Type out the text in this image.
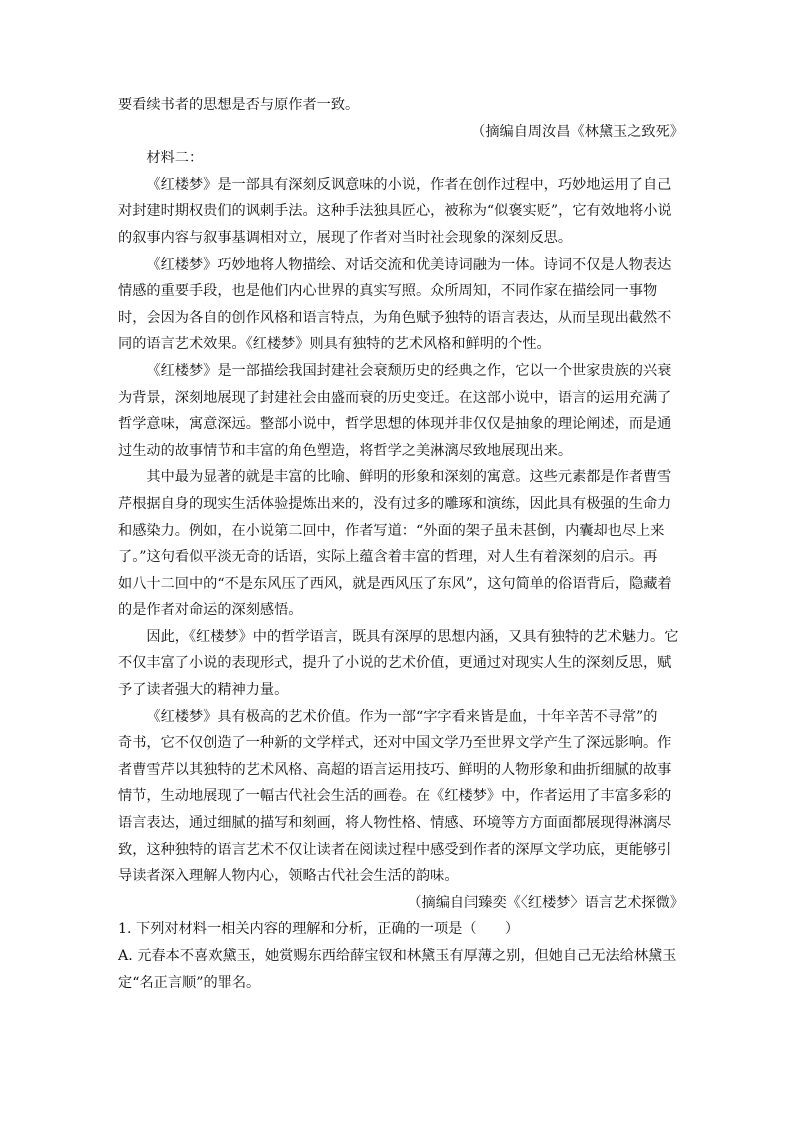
要看续书者的思想是否与原作者一致。

（摘编自周汝昌《林黛玉之致死》

材料二：

《红楼梦》是一部具有深刻反讽意味的小说，作者在创作过程中，巧妙地运用了自己
对封建时期权贵们的讽刺手法。这种手法独具匠心，被称为“似褒实贬”，它有效地将小说
的叙事内容与叙事基调相对立，展现了作者对当时社会现象的深刻反思。

《红楼梦》巧妙地将人物描绘、对话交流和优美诗词融为一体。诗词不仅是人物表达
情感的重要手段，也是他们内心世界的真实写照。众所周知，不同作家在描绘同一事物
时，会因为各自的创作风格和语言特点，为角色赋予独特的语言表达，从而呈现出截然不
同的语言艺术效果。《红楼梦》则具有独特的艺术风格和鲜明的个性。

《红楼梦》是一部描绘我国封建社会衰颓历史的经典之作，它以一个世家贵族的兴衰
为背景，深刻地展现了封建社会由盛而衰的历史变迁。在这部小说中，语言的运用充满了
哲学意味，寓意深远。整部小说中，哲学思想的体现并非仅仅是抽象的理论阐述，而是通
过生动的故事情节和丰富的角色塑造，将哲学之美淋漓尽致地展现出来。

其中最为显著的就是丰富的比喻、鲜明的形象和深刻的寓意。这些元素都是作者曹雪
芹根据自身的现实生活体验提炼出来的，没有过多的雕琢和演练，因此具有极强的生命力
和感染力。例如，在小说第二回中，作者写道：“外面的架子虽未甚倒，内囊却也尽上来
了。”这句看似平淡无奇的话语，实际上蕴含着丰富的哲理，对人生有着深刻的启示。再
如八十二回中的“不是东风压了西风，就是西风压了东风”，这句简单的俗语背后，隐藏着
的是作者对命运的深刻感悟。

因此，《红楼梦》中的哲学语言，既具有深厚的思想内涵，又具有独特的艺术魅力。它
不仅丰富了小说的表现形式，提升了小说的艺术价值，更通过对现实人生的深刻反思，赋
予了读者强大的精神力量。

《红楼梦》具有极高的艺术价值。作为一部“字字看来皆是血，十年辛苦不寻常”的
奇书，它不仅创造了一种新的文学样式，还对中国文学乃至世界文学产生了深远影响。作
者曹雪芹以其独特的艺术风格、高超的语言运用技巧、鲜明的人物形象和曲折细腻的故事
情节，生动地展现了一幅古代社会生活的画卷。在《红楼梦》中，作者运用了丰富多彩的
语言表达，通过细腻的描写和刻画，将人物性格、情感、环境等方方面面都展现得淋漓尽
致，这种独特的语言艺术不仅让读者在阅读过程中感受到作者的深厚文学功底，更能够引
导读者深入理解人物内心，领略古代社会生活的韵味。

（摘编自闫臻奕《〈红楼梦〉语言艺术探微》

1. 下列对材料一相关内容的理解和分析，正确的一项是（　　）

A. 元春本不喜欢黛玉，她赏赐东西给薛宝钗和林黛玉有厚薄之别，但她自己无法给林黛玉
定“名正言顺”的罪名。
